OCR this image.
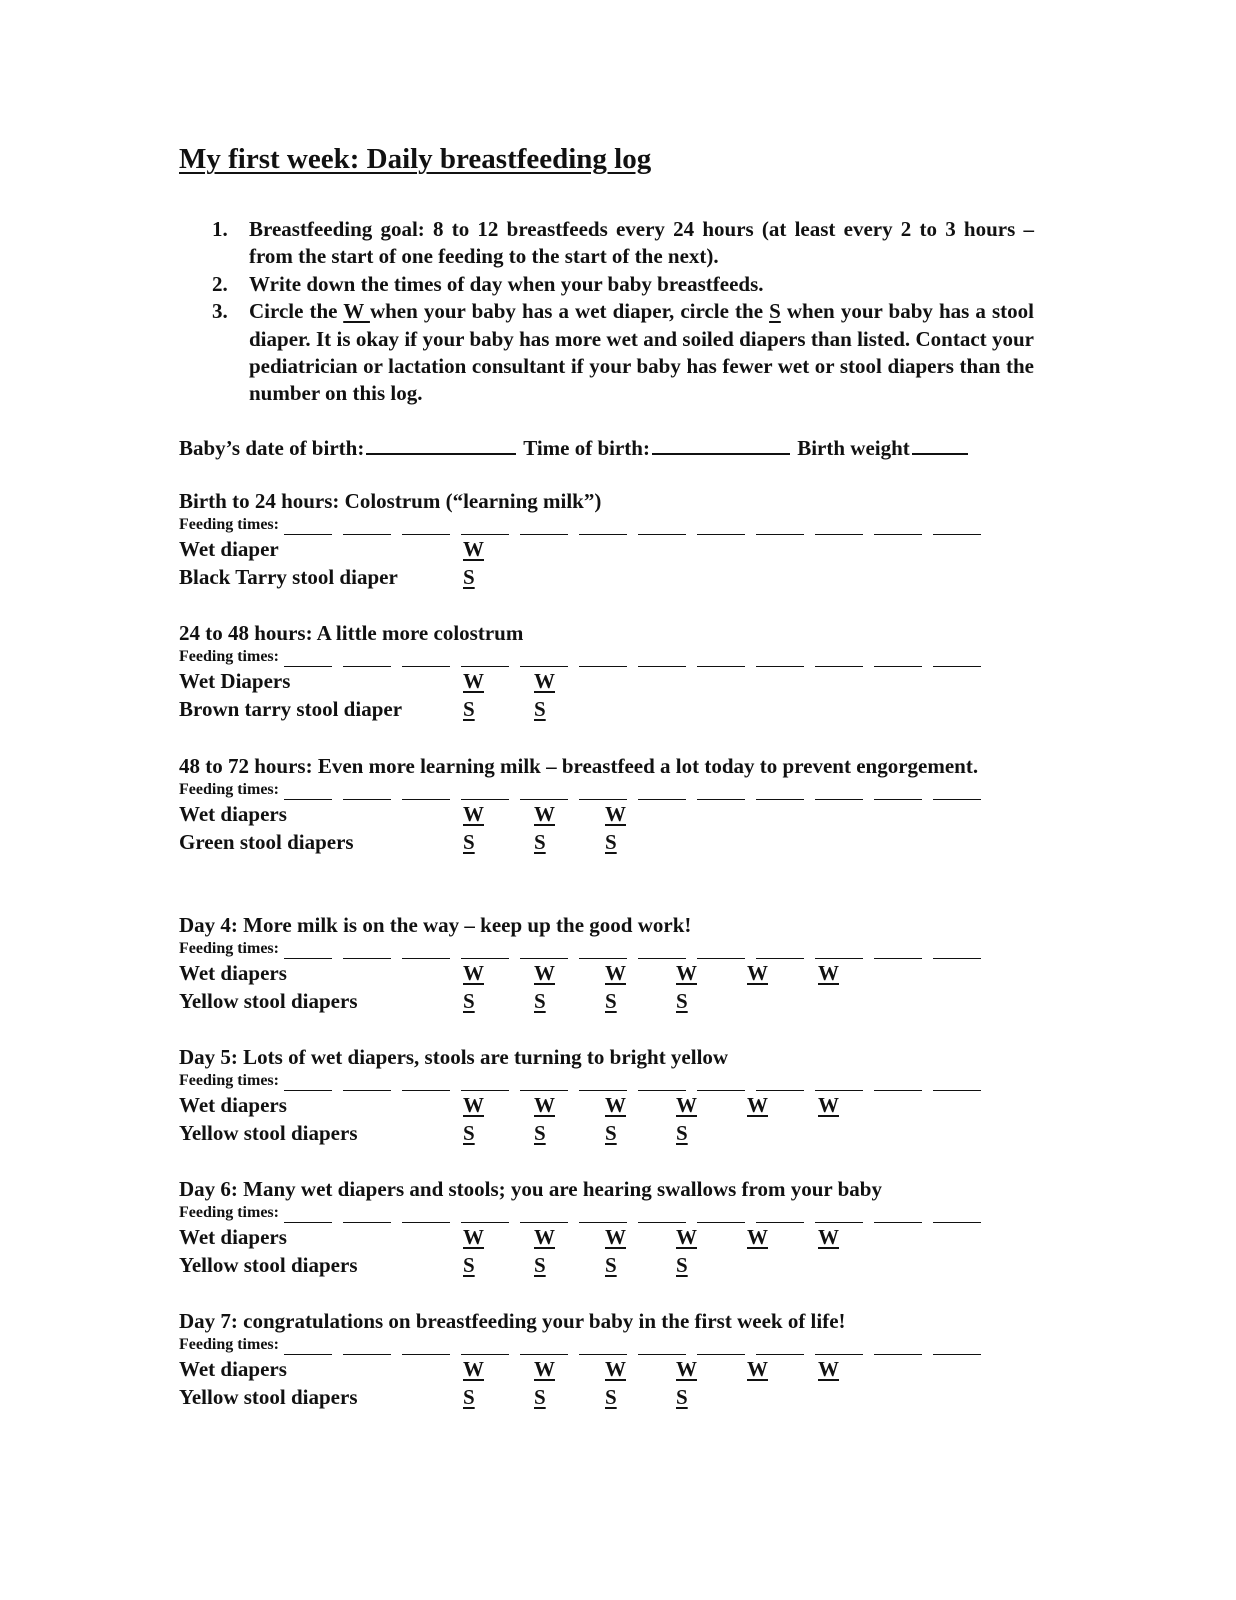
My first week: Daily breastfeeding log
1.	Breastfeeding goal: 8 to 12 breastfeeds every 24 hours (at least every 2 to 3 hours – from the start of one feeding to the start of the next).
2.	Write down the times of day when your baby breastfeeds.
3.	Circle the W when your baby has a wet diaper, circle the S when your baby has a stool diaper. It is okay if your baby has more wet and soiled diapers than listed. Contact your pediatrician or lactation consultant if your baby has fewer wet or stool diapers than the number on this log.
Baby’s date of birth:	Time of birth:	Birth weight
Birth to 24 hours: Colostrum (“learning milk”)
Feeding times:
Wet diaper	W
Black Tarry stool diaper	S
24 to 48 hours: A little more colostrum
Feeding times:
Wet Diapers	W	W
Brown tarry stool diaper	S	S
48 to 72 hours: Even more learning milk – breastfeed a lot today to prevent engorgement.
Feeding times:
Wet diapers	W	W	W
Green stool diapers	S	S	S
Day 4: More milk is on the way – keep up the good work!
Feeding times:
Wet diapers	W	W	W	W	W	W
Yellow stool diapers	S	S	S	S
Day 5: Lots of wet diapers, stools are turning to bright yellow
Feeding times:
Wet diapers	W	W	W	W	W	W
Yellow stool diapers	S	S	S	S
Day 6: Many wet diapers and stools; you are hearing swallows from your baby
Feeding times:
Wet diapers	W	W	W	W	W	W
Yellow stool diapers	S	S	S	S
Day 7: congratulations on breastfeeding your baby in the first week of life!
Feeding times:
Wet diapers	W	W	W	W	W	W
Yellow stool diapers	S	S	S	S
